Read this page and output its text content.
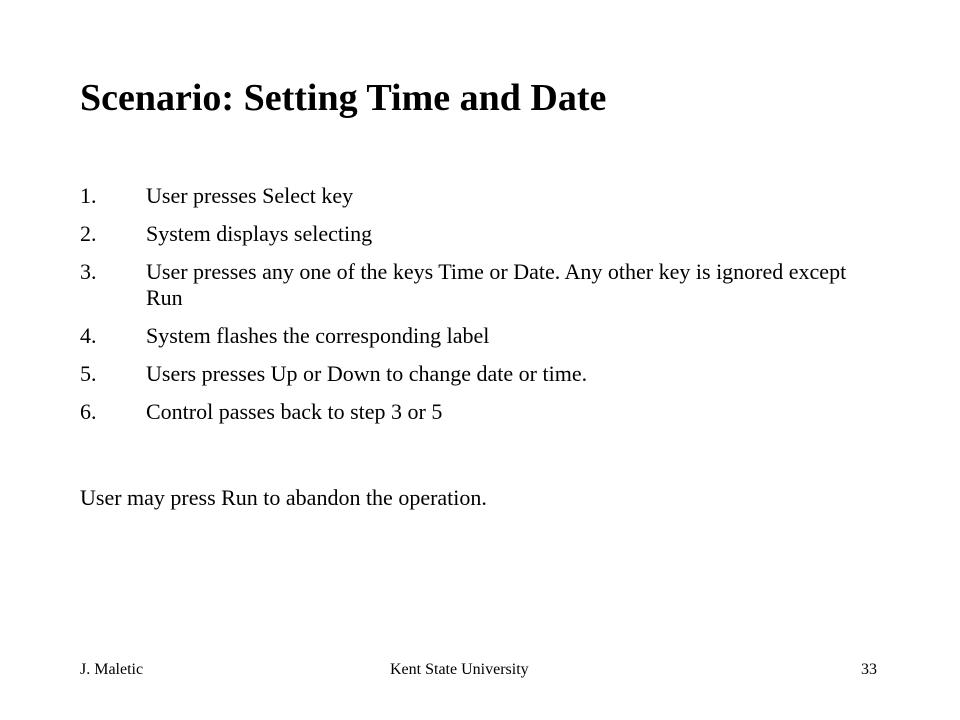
Scenario: Setting Time and Date
1.	User presses Select key
2.	System displays selecting
3.	User presses any one of the keys Time or Date. Any other key is ignored except Run
4.	System flashes the corresponding label
5.	Users presses Up or Down to change date or time.
6.	Control passes back to step 3 or 5

User may press Run to abandon the operation.

J. Maletic	Kent State University	33
